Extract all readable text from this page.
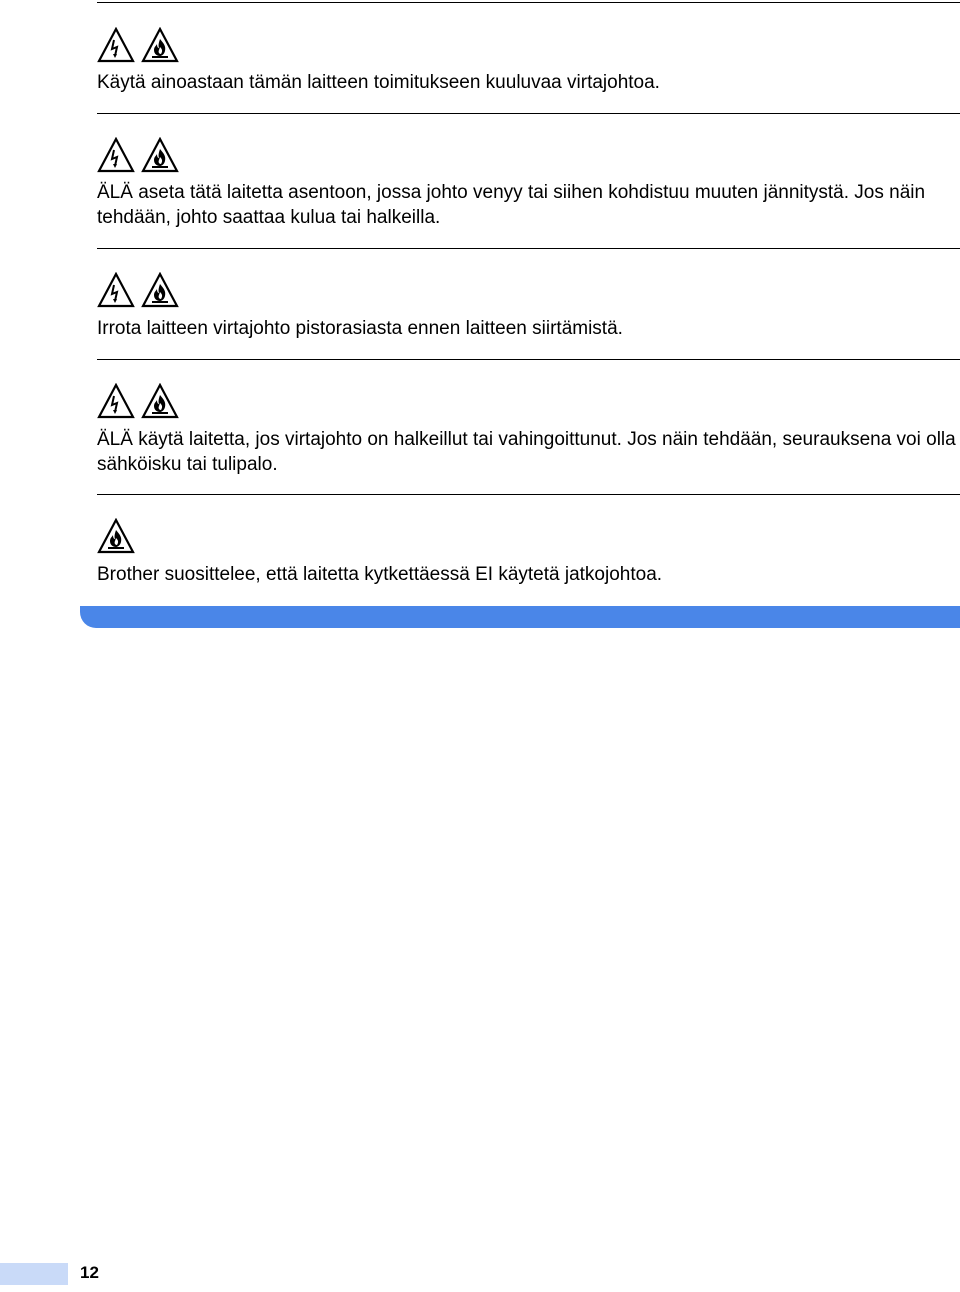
Käytä ainoastaan tämän laitteen toimitukseen kuuluvaa virtajohtoa.

ÄLÄ aseta tätä laitetta asentoon, jossa johto venyy tai siihen kohdistuu muuten jännitystä. Jos näin tehdään, johto saattaa kulua tai halkeilla.

Irrota laitteen virtajohto pistorasiasta ennen laitteen siirtämistä.

ÄLÄ käytä laitetta, jos virtajohto on halkeillut tai vahingoittunut. Jos näin tehdään, seurauksena voi olla sähköisku tai tulipalo.

Brother suosittelee, että laitetta kytkettäessä EI käytetä jatkojohtoa.

12
